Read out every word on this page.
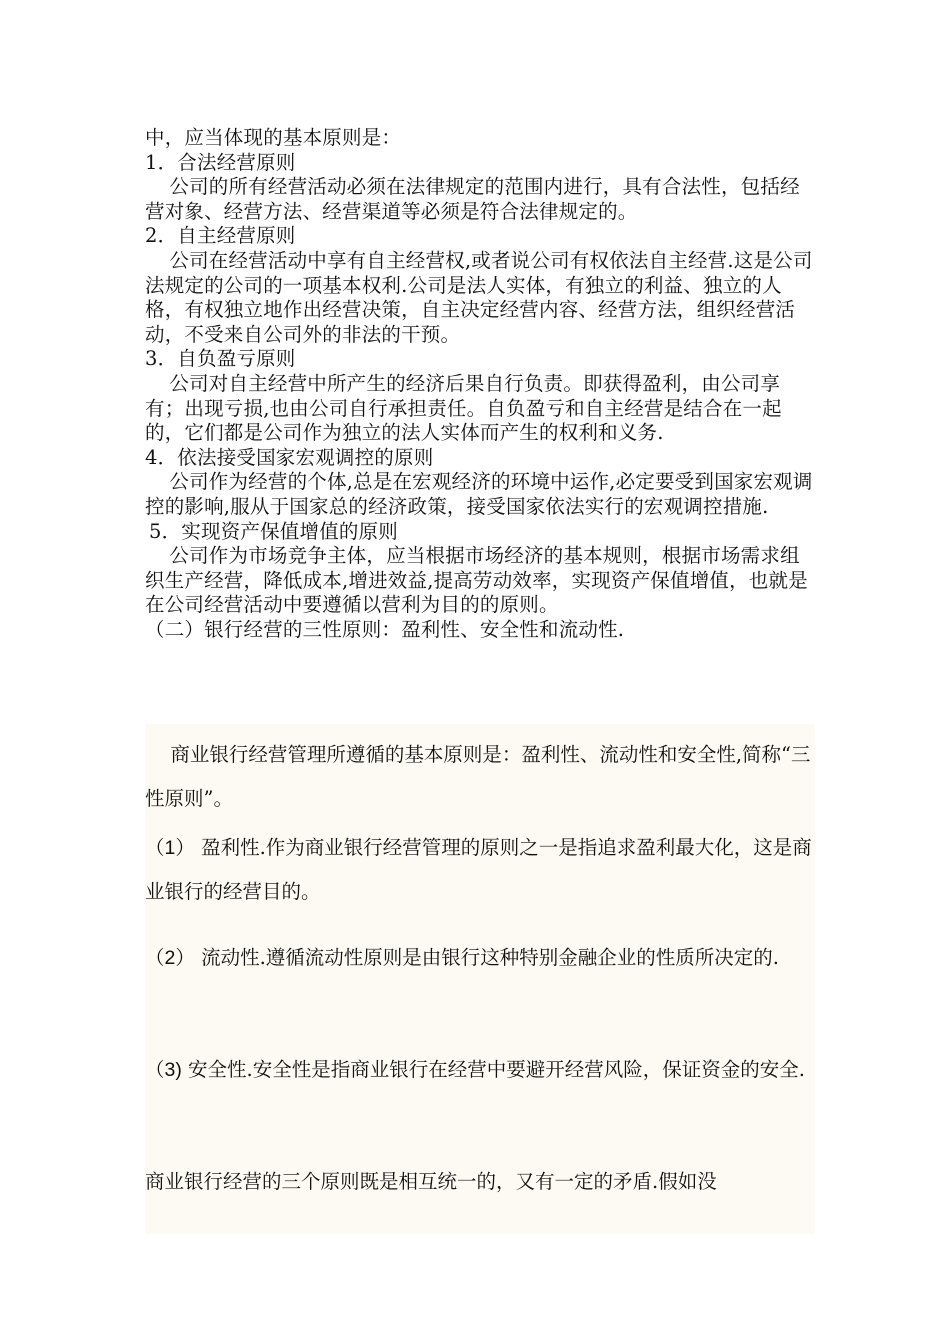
中，应当体现的基本原则是：

1．合法经营原则

公司的所有经营活动必须在法律规定的范围内进行，具有合法性，包括经营对象、经营方法、经营渠道等必须是符合法律规定的。

2．自主经营原则

公司在经营活动中享有自主经营权,或者说公司有权依法自主经营.这是公司法规定的公司的一项基本权利.公司是法人实体，有独立的利益、独立的人格，有权独立地作出经营决策，自主决定经营内容、经营方法，组织经营活动，不受来自公司外的非法的干预。

3．自负盈亏原则

公司对自主经营中所产生的经济后果自行负责。即获得盈利，由公司享有；出现亏损,也由公司自行承担责任。自负盈亏和自主经营是结合在一起的，它们都是公司作为独立的法人实体而产生的权利和义务.

4．依法接受国家宏观调控的原则

公司作为经营的个体,总是在宏观经济的环境中运作,必定要受到国家宏观调控的影响,服从于国家总的经济政策，接受国家依法实行的宏观调控措施.

5．实现资产保值增值的原则

公司作为市场竞争主体，应当根据市场经济的基本规则，根据市场需求组织生产经营，降低成本,增进效益,提高劳动效率，实现资产保值增值，也就是在公司经营活动中要遵循以营利为目的的原则。

（二）银行经营的三性原则：盈利性、安全性和流动性.

商业银行经营管理所遵循的基本原则是：盈利性、流动性和安全性,简称“三性原则”。

（1） 盈利性.作为商业银行经营管理的原则之一是指追求盈利最大化，这是商业银行的经营目的。

（2） 流动性.遵循流动性原则是由银行这种特别金融企业的性质所决定的.

（3) 安全性.安全性是指商业银行在经营中要避开经营风险，保证资金的安全.

商业银行经营的三个原则既是相互统一的，又有一定的矛盾.假如没
